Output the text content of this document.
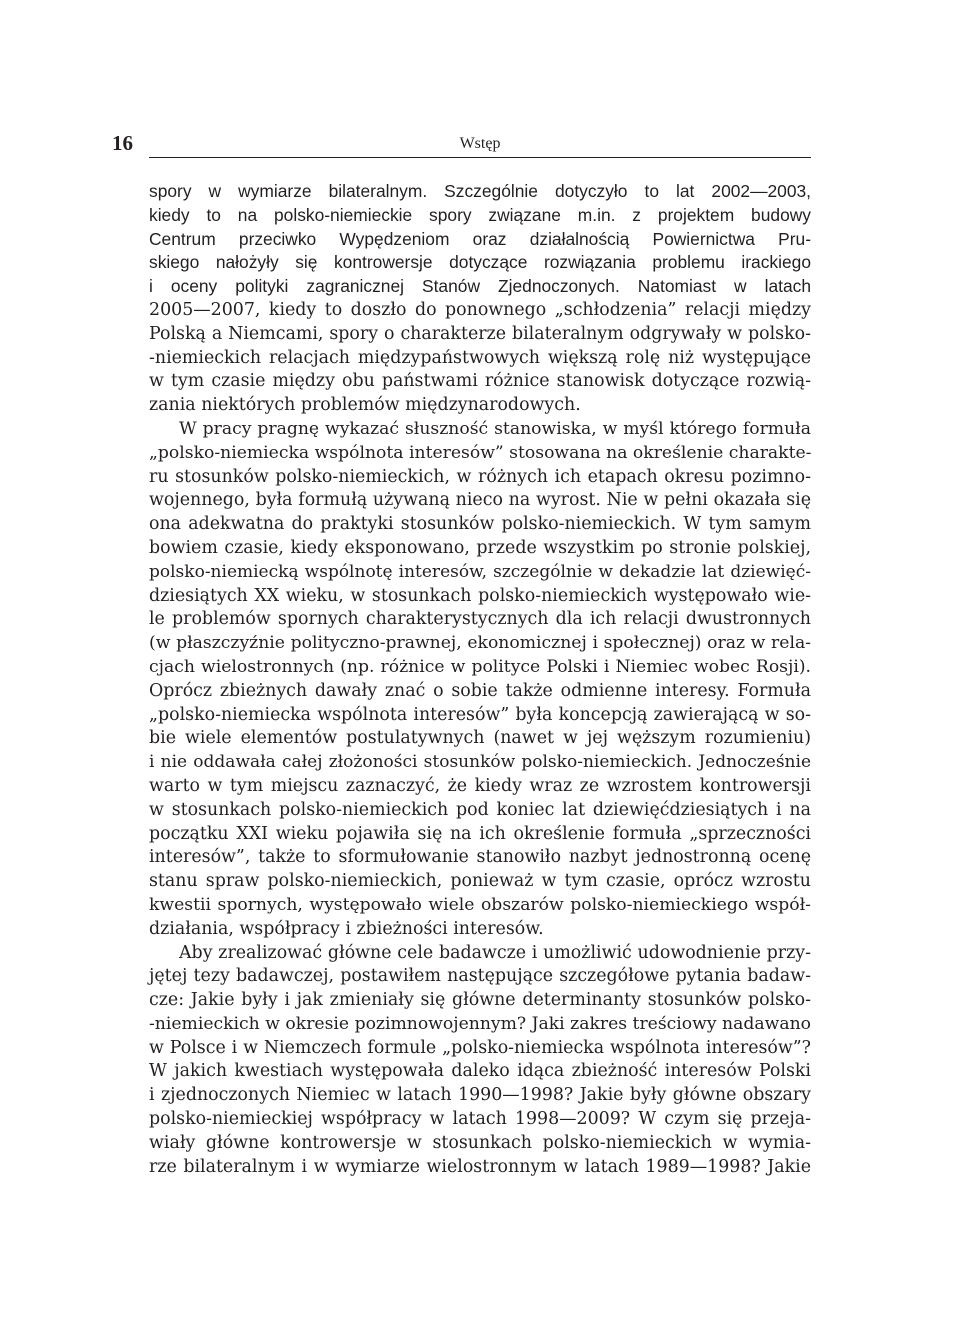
16	Wstęp
spory w wymiarze bilateralnym. Szczególnie dotyczyło to lat 2002—2003,
kiedy to na polsko-niemieckie spory związane m.in. z projektem budowy
Centrum przeciwko Wypędzeniom oraz działalnością Powiernictwa Pru-
skiego nałożyły się kontrowersje dotyczące rozwiązania problemu irackiego
i oceny polityki zagranicznej Stanów Zjednoczonych. Natomiast w latach
2005—2007, kiedy to doszło do ponownego „schłodzenia” relacji między
Polską a Niemcami, spory o charakterze bilateralnym odgrywały w polsko-
-niemieckich relacjach międzypaństwowych większą rolę niż występujące
w tym czasie między obu państwami różnice stanowisk dotyczące rozwią-
zania niektórych problemów międzynarodowych.
W pracy pragnę wykazać słuszność stanowiska, w myśl którego formuła
„polsko-niemiecka wspólnota interesów” stosowana na określenie charakte-
ru stosunków polsko-niemieckich, w różnych ich etapach okresu pozimno-
wojennego, była formułą używaną nieco na wyrost. Nie w pełni okazała się
ona adekwatna do praktyki stosunków polsko-niemieckich. W tym samym
bowiem czasie, kiedy eksponowano, przede wszystkim po stronie polskiej,
polsko-niemiecką wspólnotę interesów, szczególnie w dekadzie lat dziewięć-
dziesiątych XX wieku, w stosunkach polsko-niemieckich występowało wie-
le problemów spornych charakterystycznych dla ich relacji dwustronnych
(w płaszczyźnie polityczno-prawnej, ekonomicznej i społecznej) oraz w rela-
cjach wielostronnych (np. różnice w polityce Polski i Niemiec wobec Rosji).
Oprócz zbieżnych dawały znać o sobie także odmienne interesy. Formuła
„polsko-niemiecka wspólnota interesów” była koncepcją zawierającą w so-
bie wiele elementów postulatywnych (nawet w jej węższym rozumieniu)
i nie oddawała całej złożoności stosunków polsko-niemieckich. Jednocześnie
warto w tym miejscu zaznaczyć, że kiedy wraz ze wzrostem kontrowersji
w stosunkach polsko-niemieckich pod koniec lat dziewięćdziesiątych i na
początku XXI wieku pojawiła się na ich określenie formuła „sprzeczności
interesów”, także to sformułowanie stanowiło nazbyt jednostronną ocenę
stanu spraw polsko-niemieckich, ponieważ w tym czasie, oprócz wzrostu
kwestii spornych, występowało wiele obszarów polsko-niemieckiego współ-
działania, współpracy i zbieżności interesów.
Aby zrealizować główne cele badawcze i umożliwić udowodnienie przy-
jętej tezy badawczej, postawiłem następujące szczegółowe pytania badaw-
cze: Jakie były i jak zmieniały się główne determinanty stosunków polsko-
-niemieckich w okresie pozimnowojennym? Jaki zakres treściowy nadawano
w Polsce i w Niemczech formule „polsko-niemiecka wspólnota interesów”?
W jakich kwestiach występowała daleko idąca zbieżność interesów Polski
i zjednoczonych Niemiec w latach 1990—1998? Jakie były główne obszary
polsko-niemieckiej współpracy w latach 1998—2009? W czym się przeja-
wiały główne kontrowersje w stosunkach polsko-niemieckich w wymia-
rze bilateralnym i w wymiarze wielostronnym w latach 1989—1998? Jakie
